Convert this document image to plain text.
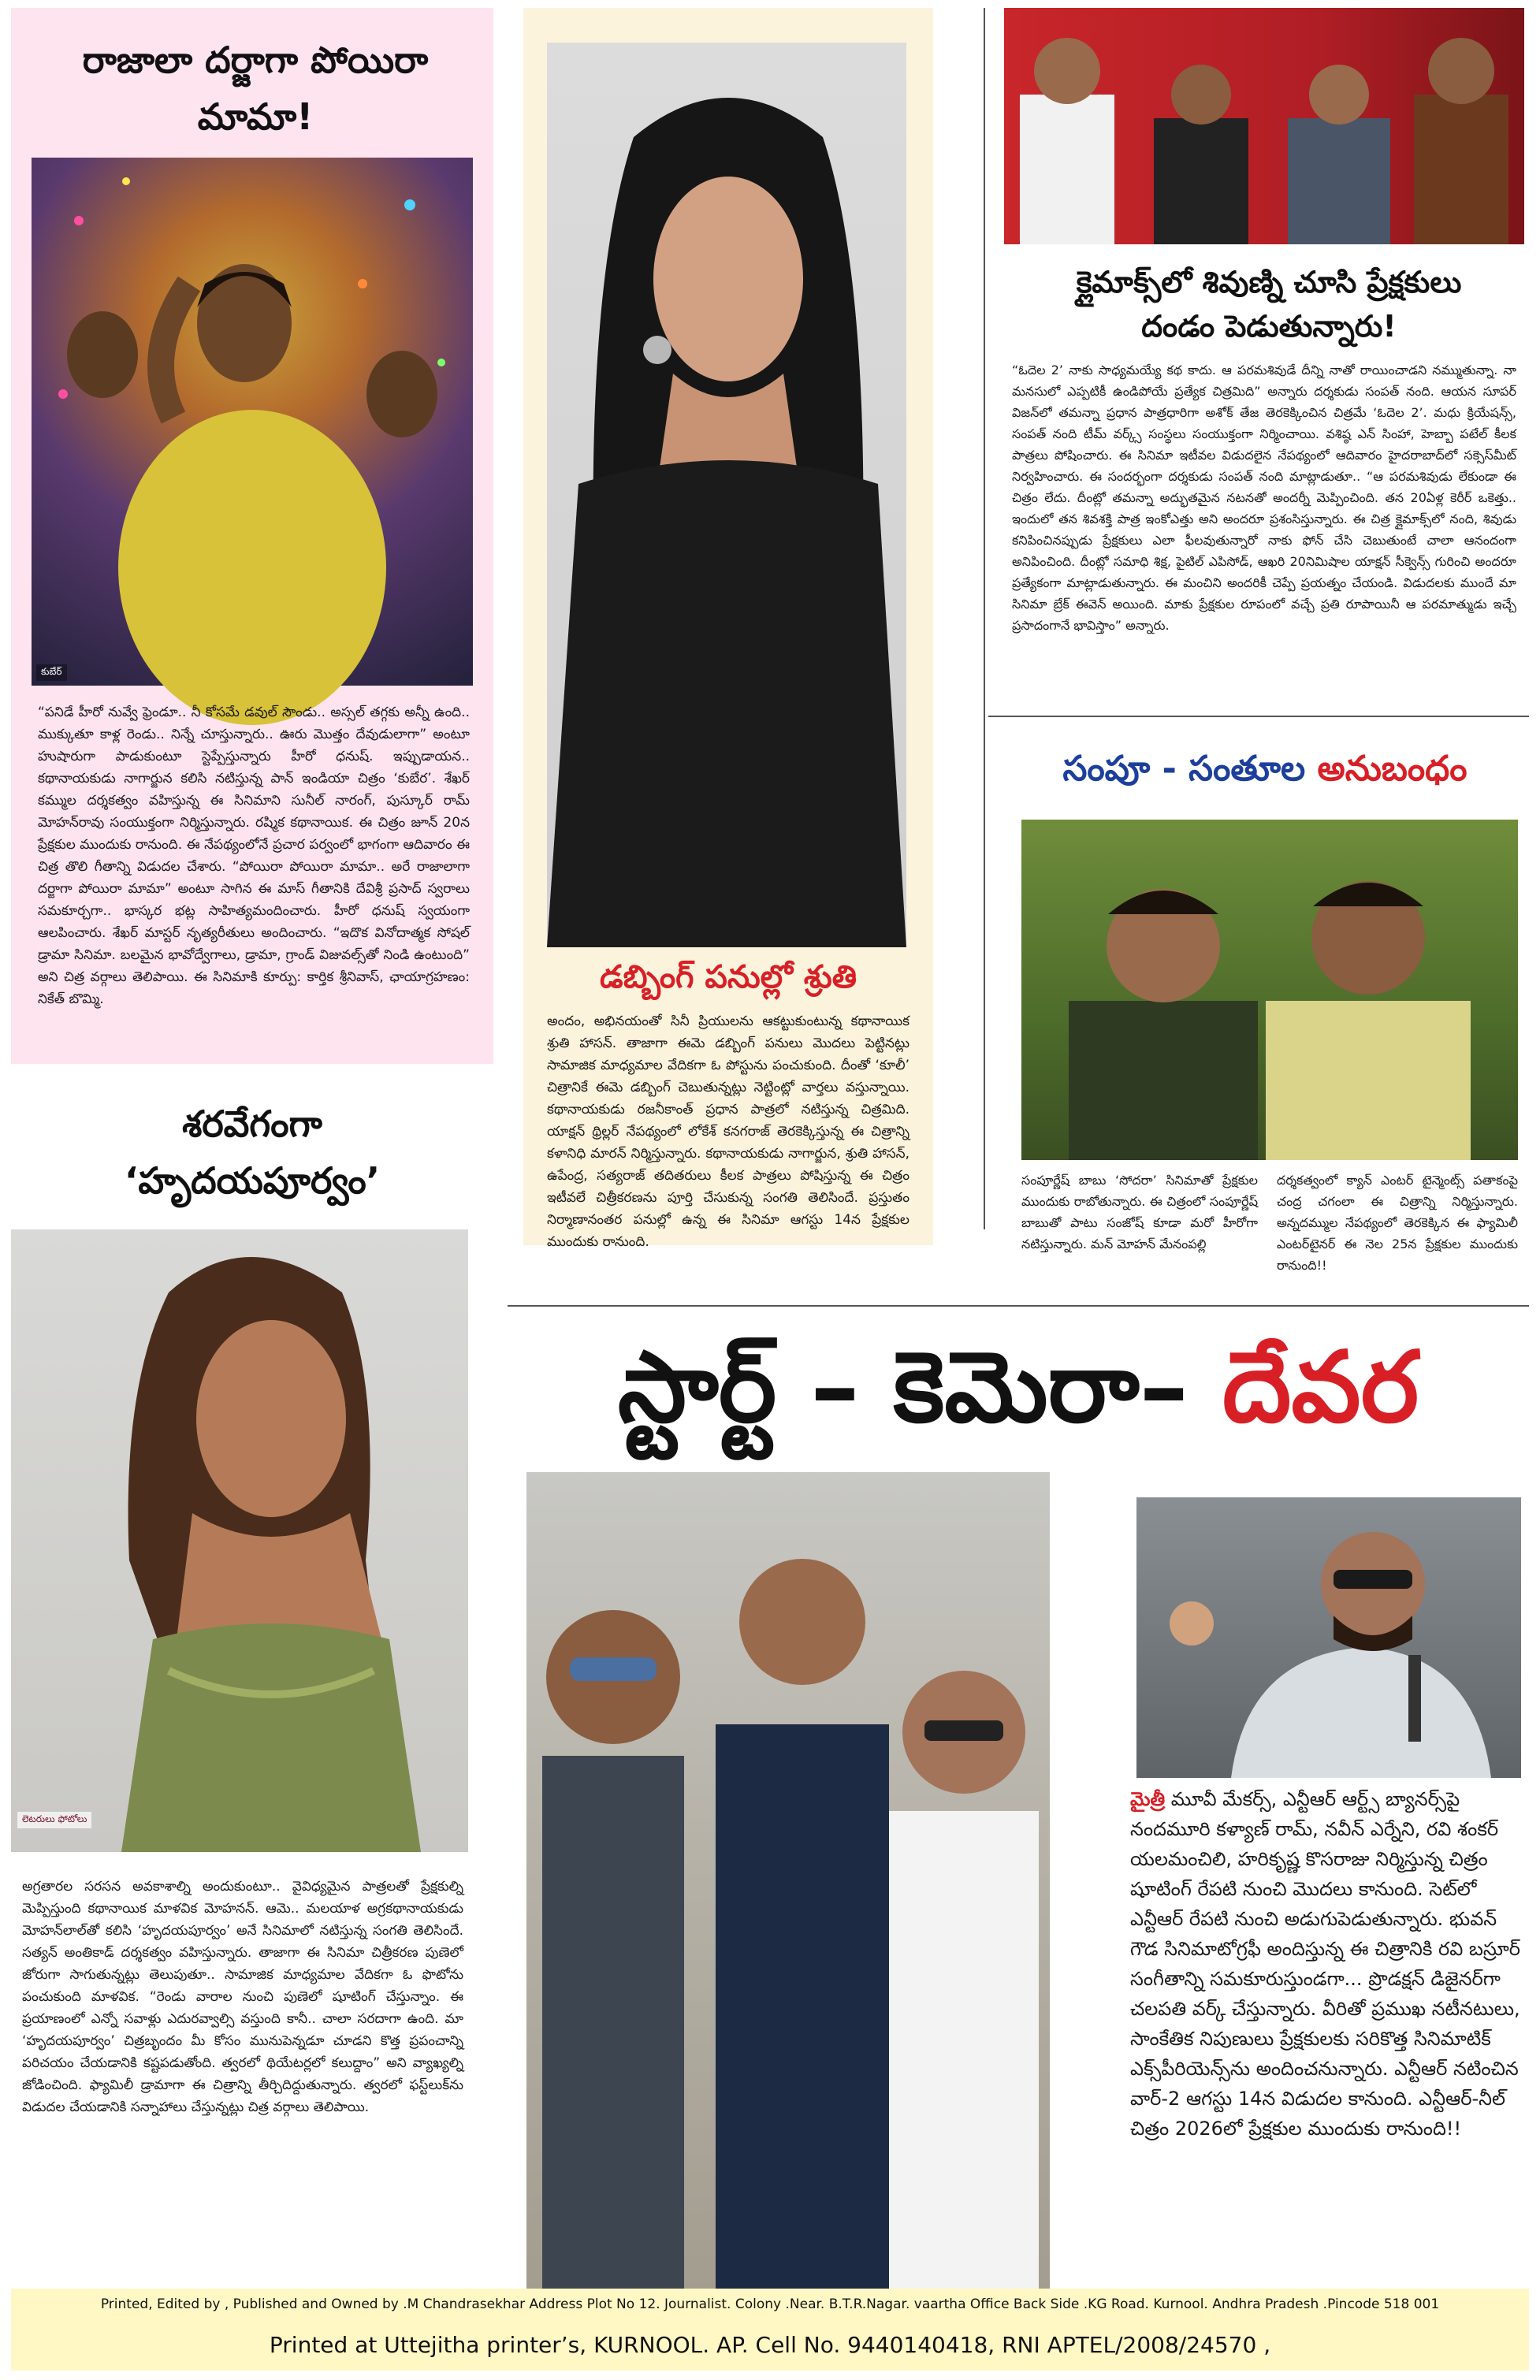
రాజాలా దర్జాగా పోయిరా మామా!
కుబేర్
“పనిడే హీరో నువ్వే ఫ్రెండూ.. నీ కోసమే డవుల్ సౌండు.. అస్సల్ తగ్గకు అన్నీ ఉంది.. ముక్కుతూ కాళ్ల రెండు.. నిన్నే చూస్తున్నారు.. ఊరు మొత్తం దేవుడులాగా” అంటూ హుషారుగా పాడుకుంటూ స్టెప్పేస్తున్నారు హీరో ధనుష్. ఇప్పుడాయన.. కథానాయకుడు నాగార్జున కలిసి నటిస్తున్న పాన్ ఇండియా చిత్రం ‘కుబేర’. శేఖర్ కమ్ముల దర్శకత్వం వహిస్తున్న ఈ సినిమాని సునీల్ నారంగ్, పుస్కూర్ రామ్ మోహన్‌రావు సంయుక్తంగా నిర్మిస్తున్నారు. రష్మిక కథానాయిక. ఈ చిత్రం జూన్ 20న ప్రేక్షకుల ముందుకు రానుంది. ఈ నేపథ్యంలోనే ప్రచార పర్వంలో భాగంగా ఆదివారం ఈ చిత్ర తొలి గీతాన్ని విడుదల చేశారు. “పోయిరా పోయిరా మామా.. అరే రాజాలాగా దర్జాగా పోయిరా మామా” అంటూ సాగిన ఈ మాస్ గీతానికి దేవిశ్రీ ప్రసాద్ స్వరాలు సమకూర్చగా.. భాస్కర భట్ల సాహిత్యమందించారు. హీరో ధనుష్ స్వయంగా ఆలపించారు. శేఖర్ మాస్టర్ నృత్యరీతులు అందించారు. “ఇదొక వినోదాత్మక సోషల్ డ్రామా సినిమా. బలమైన భావోద్వేగాలు, డ్రామా, గ్రాండ్ విజువల్స్‌తో నిండి ఉంటుంది” అని చిత్ర వర్గాలు తెలిపాయి. ఈ సినిమాకి కూర్పు: కార్తిక శ్రీనివాస్, ఛాయాగ్రహణం: నికేత్ బొమ్మి.
శరవేగంగా ‘హృదయపూర్వం’
లెటరులు ఫోటోలు
అగ్రతారల సరసన అవకాశాల్ని అందుకుంటూ.. వైవిధ్యమైన పాత్రలతో ప్రేక్షకుల్ని మెప్పిస్తుంది కథానాయిక మాళవిక మోహనన్. ఆమె.. మలయాళ అగ్రకథానాయకుడు మోహన్‌లాల్‌తో కలిసి ‘హృదయపూర్వం’ అనే సినిమాలో నటిస్తున్న సంగతి తెలిసిందే. సత్యన్ అంతికాడ్ దర్శకత్వం వహిస్తున్నారు. తాజాగా ఈ సినిమా చిత్రీకరణ పుణెలో జోరుగా సాగుతున్నట్లు తెలుపుతూ.. సామాజిక మాధ్యమాల వేదికగా ఓ ఫొటోను పంచుకుంది మాళవిక. “రెండు వారాల నుంచి పుణెలో షూటింగ్ చేస్తున్నాం. ఈ ప్రయాణంలో ఎన్నో సవాళ్లు ఎదురవ్వాల్సి వస్తుంది కానీ.. చాలా సరదాగా ఉంది. మా ‘హృదయపూర్వం’ చిత్రబృందం మీ కోసం మునుపెన్నడూ చూడని కొత్త ప్రపంచాన్ని పరిచయం చేయడానికి కష్టపడుతోంది. త్వరలో థియేటర్లలో కలుద్దాం” అని వ్యాఖ్యల్ని జోడించింది. ఫ్యామిలీ డ్రామాగా ఈ చిత్రాన్ని తీర్చిదిద్దుతున్నారు. త్వరలో ఫస్ట్‌లుక్‌ను విడుదల చేయడానికి సన్నాహాలు చేస్తున్నట్లు చిత్ర వర్గాలు తెలిపాయి.
డబ్బింగ్ పనుల్లో శ్రుతి
అందం, అభినయంతో సినీ ప్రియులను ఆకట్టుకుంటున్న కథానాయిక శ్రుతి హాసన్. తాజాగా ఈమె డబ్బింగ్ పనులు మొదలు పెట్టినట్లు సామాజిక మాధ్యమాల వేదికగా ఓ పోస్టును పంచుకుంది. దీంతో ‘కూలీ’ చిత్రానికే ఈమె డబ్బింగ్ చెబుతున్నట్లు నెట్టింట్లో వార్తలు వస్తున్నాయి. కథానాయకుడు రజనీకాంత్ ప్రధాన పాత్రలో నటిస్తున్న చిత్రమిది. యాక్షన్ థ్రిల్లర్ నేపథ్యంలో లోకేశ్ కనగరాజ్ తెరకెక్కిస్తున్న ఈ చిత్రాన్ని కళానిధి మారన్ నిర్మిస్తున్నారు. కథానాయకుడు నాగార్జున, శ్రుతి హాసన్, ఉపేంద్ర, సత్యరాజ్ తదితరులు కీలక పాత్రలు పోషిస్తున్న ఈ చిత్రం ఇటీవలే చిత్రీకరణను పూర్తి చేసుకున్న సంగతి తెలిసిందే. ప్రస్తుతం నిర్మాణానంతర పనుల్లో ఉన్న ఈ సినిమా ఆగస్టు 14న ప్రేక్షకుల ముందుకు రానుంది.
క్లైమాక్స్‌లో శివుణ్ని చూసి ప్రేక్షకులు దండం పెడుతున్నారు!
“ఓదెల 2’ నాకు సాధ్యమయ్యే కథ కాదు. ఆ పరమశివుడే దీన్ని నాతో రాయించాడని నమ్ముతున్నా. నా మనసులో ఎప్పటికీ ఉండిపోయే ప్రత్యేక చిత్రమిది” అన్నారు దర్శకుడు సంపత్ నంది. ఆయన సూపర్ విజన్‌లో తమన్నా ప్రధాన పాత్రధారిగా అశోక్ తేజ తెరకెక్కించిన చిత్రమే ‘ఓదెల 2’. మధు క్రియేషన్స్, సంపత్ నంది టీమ్ వర్క్స్ సంస్థలు సంయుక్తంగా నిర్మించాయి. వశిష్ఠ ఎన్ సింహా, హెబ్బా పటేల్ కీలక పాత్రలు పోషించారు. ఈ సినిమా ఇటీవల విడుదలైన నేపథ్యంలో ఆదివారం హైదరాబాద్‌లో సక్సెస్‌మీట్ నిర్వహించారు. ఈ సందర్భంగా దర్శకుడు సంపత్ నంది మాట్లాడుతూ.. “ఆ పరమశివుడు లేకుండా ఈ చిత్రం లేదు. దీంట్లో తమన్నా అద్భుతమైన నటనతో అందర్నీ మెప్పించింది. తన 20ఏళ్ల కెరీర్ ఒకెత్తు.. ఇందులో తన శివశక్తి పాత్ర ఇంకోఎత్తు అని అందరూ ప్రశంసిస్తున్నారు. ఈ చిత్ర క్లైమాక్స్‌లో నంది, శివుడు కనిపించినప్పుడు ప్రేక్షకులు ఎలా ఫీలవుతున్నారో నాకు ఫోన్ చేసి చెబుతుంటే చాలా ఆనందంగా అనిపించింది. దీంట్లో సమాధి శిక్ష, పైటిల్ ఎపిసోడ్, ఆఖరి 20నిమిషాల యాక్షన్ సీక్వెన్స్ గురించి అందరూ ప్రత్యేకంగా మాట్లాడుతున్నారు. ఈ మంచిని అందరికీ చెప్పే ప్రయత్నం చేయండి. విడుదలకు ముందే మా సినిమా బ్రేక్ ఈవెన్ అయింది. మాకు ప్రేక్షకుల రూపంలో వచ్చే ప్రతి రూపాయినీ ఆ పరమాత్ముడు ఇచ్చే ప్రసాదంగానే భావిస్తాం” అన్నారు.
సంపూ - సంతూల అనుబంధం
సంపూర్ణేష్ బాబు ‘సోదరా’ సినిమాతో ప్రేక్షకుల ముందుకు రాబోతున్నారు. ఈ చిత్రంలో సంపూర్ణేష్ బాబుతో పాటు సంజోష్ కూడా మరో హీరోగా నటిస్తున్నారు. మన్ మోహన్ మేనంపల్లి
దర్శకత్వంలో క్యాన్ ఎంటర్ టైన్మెంట్స్ పతాకంపై చంద్ర చగంలా ఈ చిత్రాన్ని నిర్మిస్తున్నారు. అన్నదమ్ముల నేపథ్యంలో తెరకెక్కిన ఈ ఫ్యామిలీ ఎంటర్‌టైనర్ ఈ నెల 25న ప్రేక్షకుల ముందుకు రానుంది!!
స్టార్ట్ – కెమెరా– దేవర
మైత్రీ మూవీ మేకర్స్, ఎన్టీఆర్ ఆర్ట్స్ బ్యానర్స్‌పై నందమూరి కళ్యాణ్ రామ్, నవీన్ ఎర్నేని, రవి శంకర్ యలమంచిలి, హరికృష్ణ కొసరాజు నిర్మిస్తున్న చిత్రం షూటింగ్ రేపటి నుంచి మొదలు కానుంది. సెట్‌లో ఎన్టీఆర్ రేపటి నుంచి అడుగుపెడుతున్నారు. భువన్ గౌడ సినిమాటోగ్రఫీ అందిస్తున్న ఈ చిత్రానికి రవి బస్రూర్ సంగీతాన్ని సమకూరుస్తుండగా... ప్రొడక్షన్ డిజైనర్‌గా చలపతి వర్క్ చేస్తున్నారు. వీరితో ప్రముఖ నటీనటులు, సాంకేతిక నిపుణులు ప్రేక్షకులకు సరికొత్త సినిమాటిక్ ఎక్స్‌పీరియెన్స్‌ను అందించనున్నారు. ఎన్టీఆర్ నటించిన వార్-2 ఆగస్టు 14న విడుదల కానుంది. ఎన్టీఆర్-నీల్ చిత్రం 2026లో ప్రేక్షకుల ముందుకు రానుంది!!
Printed, Edited by , Published and Owned by .M Chandrasekhar Address Plot No 12. Journalist. Colony .Near. B.T.R.Nagar. vaartha Office Back Side .KG Road. Kurnool. Andhra Pradesh .Pincode 518 001
Printed at Uttejitha printer’s, KURNOOL. AP. Cell No. 9440140418, RNI APTEL/2008/24570 ,
